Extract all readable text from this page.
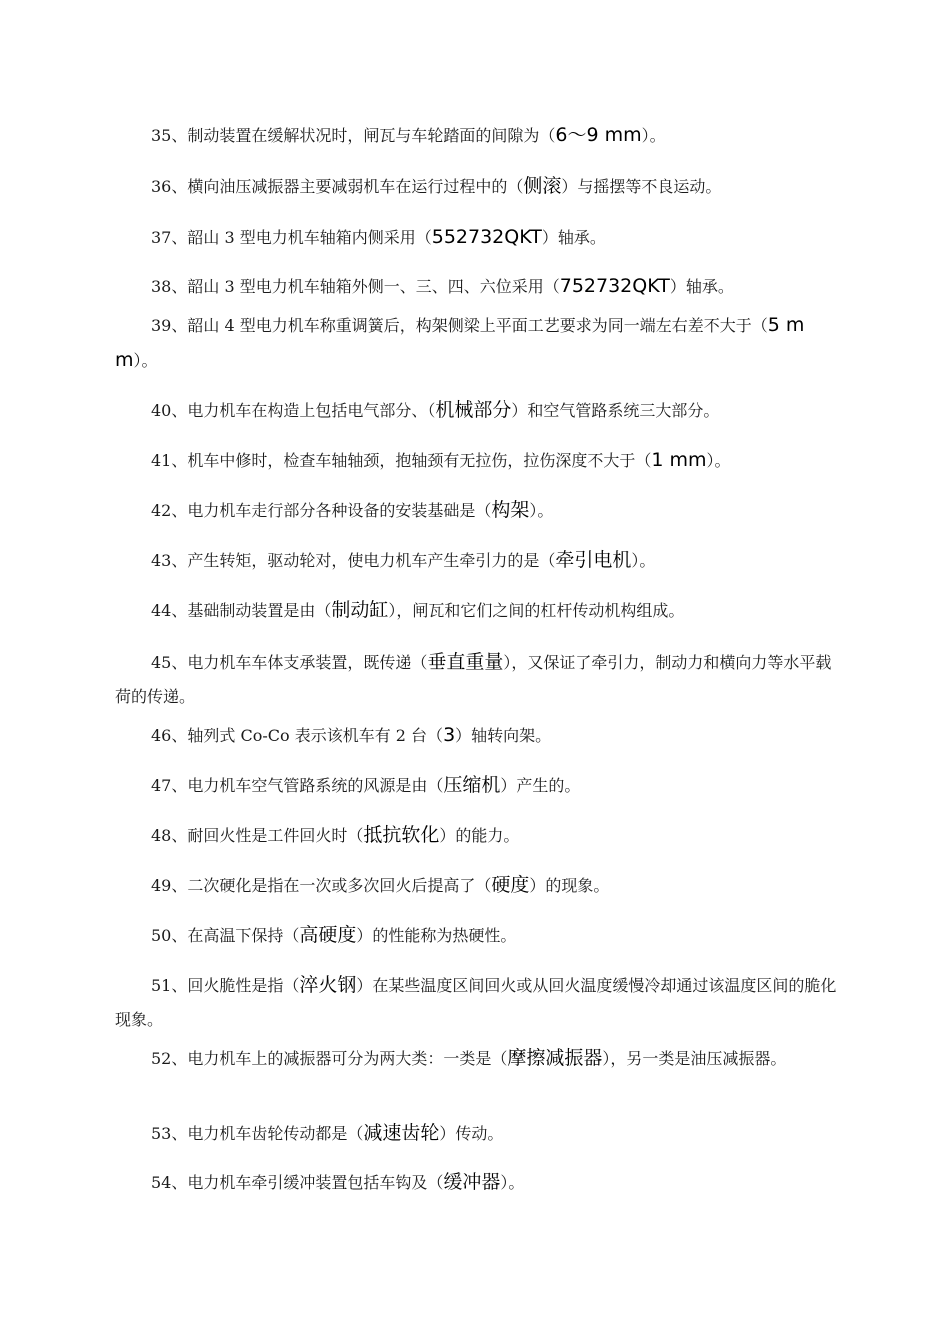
35、制动装置在缓解状况时，闸瓦与车轮踏面的间隙为（6～9 mm）。

36、横向油压减振器主要减弱机车在运行过程中的（侧滚）与摇摆等不良运动。

37、韶山 3 型电力机车轴箱内侧采用（552732QKT）轴承。

38、韶山 3 型电力机车轴箱外侧一、三、四、六位采用（752732QKT）轴承。

39、韶山 4 型电力机车称重调簧后，构架侧梁上平面工艺要求为同一端左右差不大于（5 mm）。

40、电力机车在构造上包括电气部分、（机械部分）和空气管路系统三大部分。

41、机车中修时，检查车轴轴颈，抱轴颈有无拉伤，拉伤深度不大于（1 mm）。

42、电力机车走行部分各种设备的安装基础是（构架）。

43、产生转矩，驱动轮对，使电力机车产生牵引力的是（牵引电机）。

44、基础制动装置是由（制动缸），闸瓦和它们之间的杠杆传动机构组成。

45、电力机车车体支承装置，既传递（垂直重量），又保证了牵引力，制动力和横向力等水平载荷的传递。

46、轴列式 Co-Co 表示该机车有 2 台（3）轴转向架。

47、电力机车空气管路系统的风源是由（压缩机）产生的。

48、耐回火性是工件回火时（抵抗软化）的能力。

49、二次硬化是指在一次或多次回火后提高了（硬度）的现象。

50、在高温下保持（高硬度）的性能称为热硬性。

51、回火脆性是指（淬火钢）在某些温度区间回火或从回火温度缓慢冷却通过该温度区间的脆化现象。

52、电力机车上的减振器可分为两大类：一类是（摩擦减振器），另一类是油压减振器。

53、电力机车齿轮传动都是（减速齿轮）传动。

54、电力机车牵引缓冲装置包括车钩及（缓冲器）。
